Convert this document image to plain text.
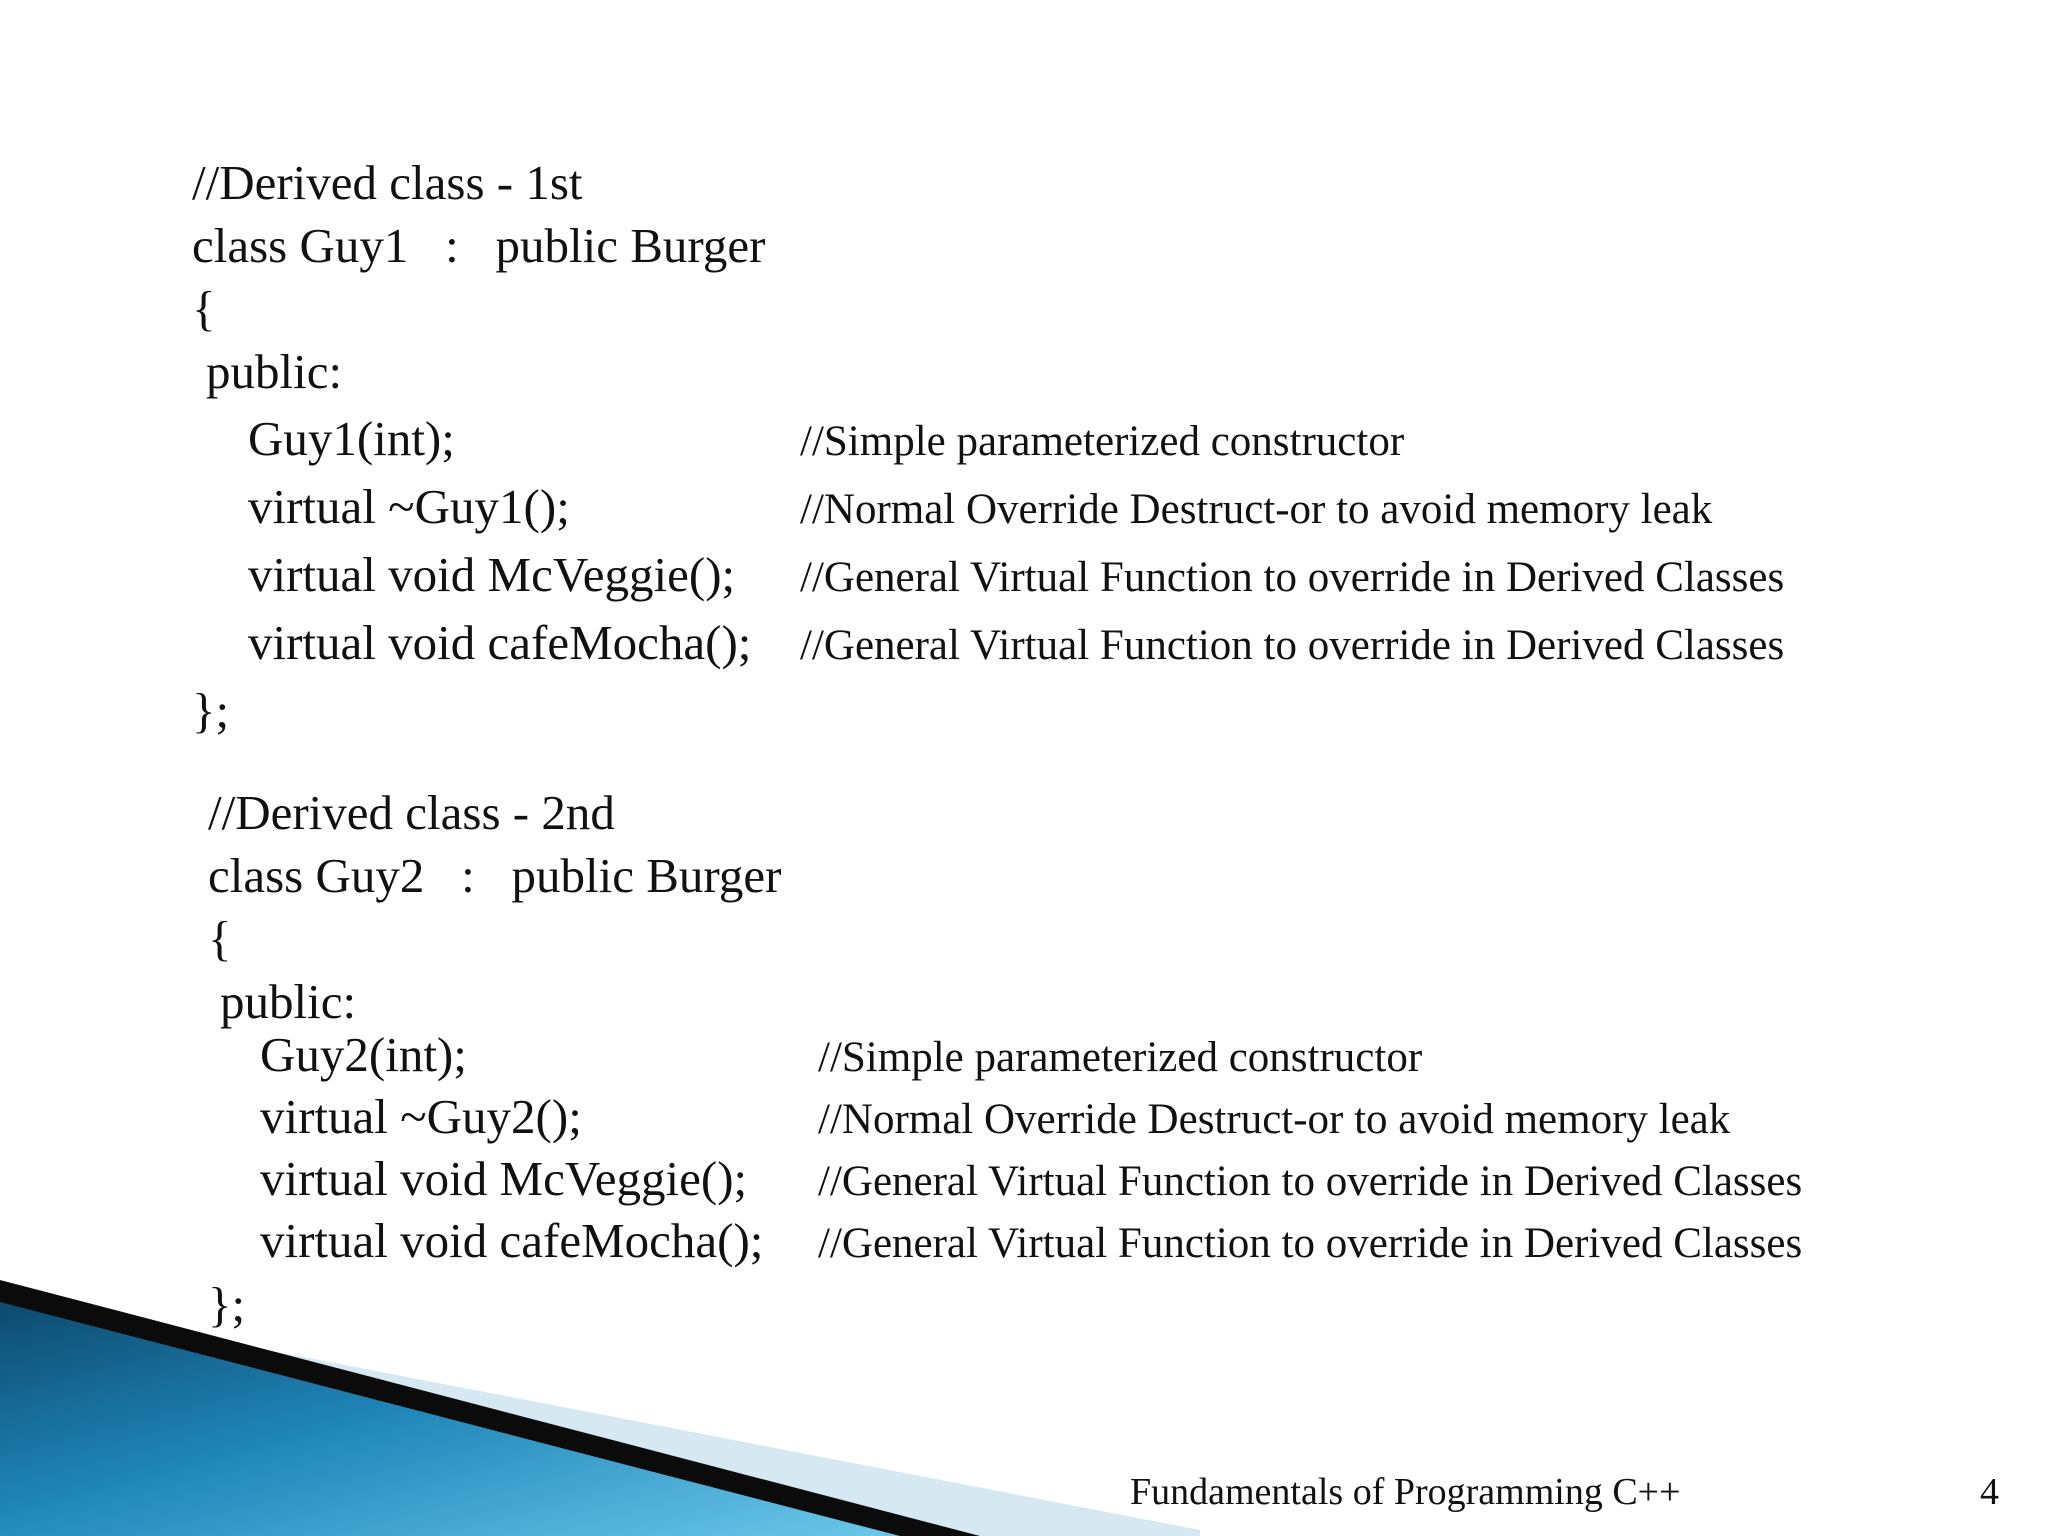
//Derived class - 1st
class Guy1   :   public Burger
{
public:
Guy1(int);	//Simple parameterized constructor
virtual ~Guy1();	//Normal Override Destruct-or to avoid memory leak
virtual void McVeggie(); //General Virtual Function to override in Derived Classes
virtual void cafeMocha(); //General Virtual Function to override in Derived Classes
};
//Derived class - 2nd
class Guy2   :   public Burger
{
public:
Guy2(int);	//Simple parameterized constructor
virtual ~Guy2();	//Normal Override Destruct-or to avoid memory leak
virtual void McVeggie(); //General Virtual Function to override in Derived Classes
virtual void cafeMocha(); //General Virtual Function to override in Derived Classes
};
Fundamentals of Programming C++	4
